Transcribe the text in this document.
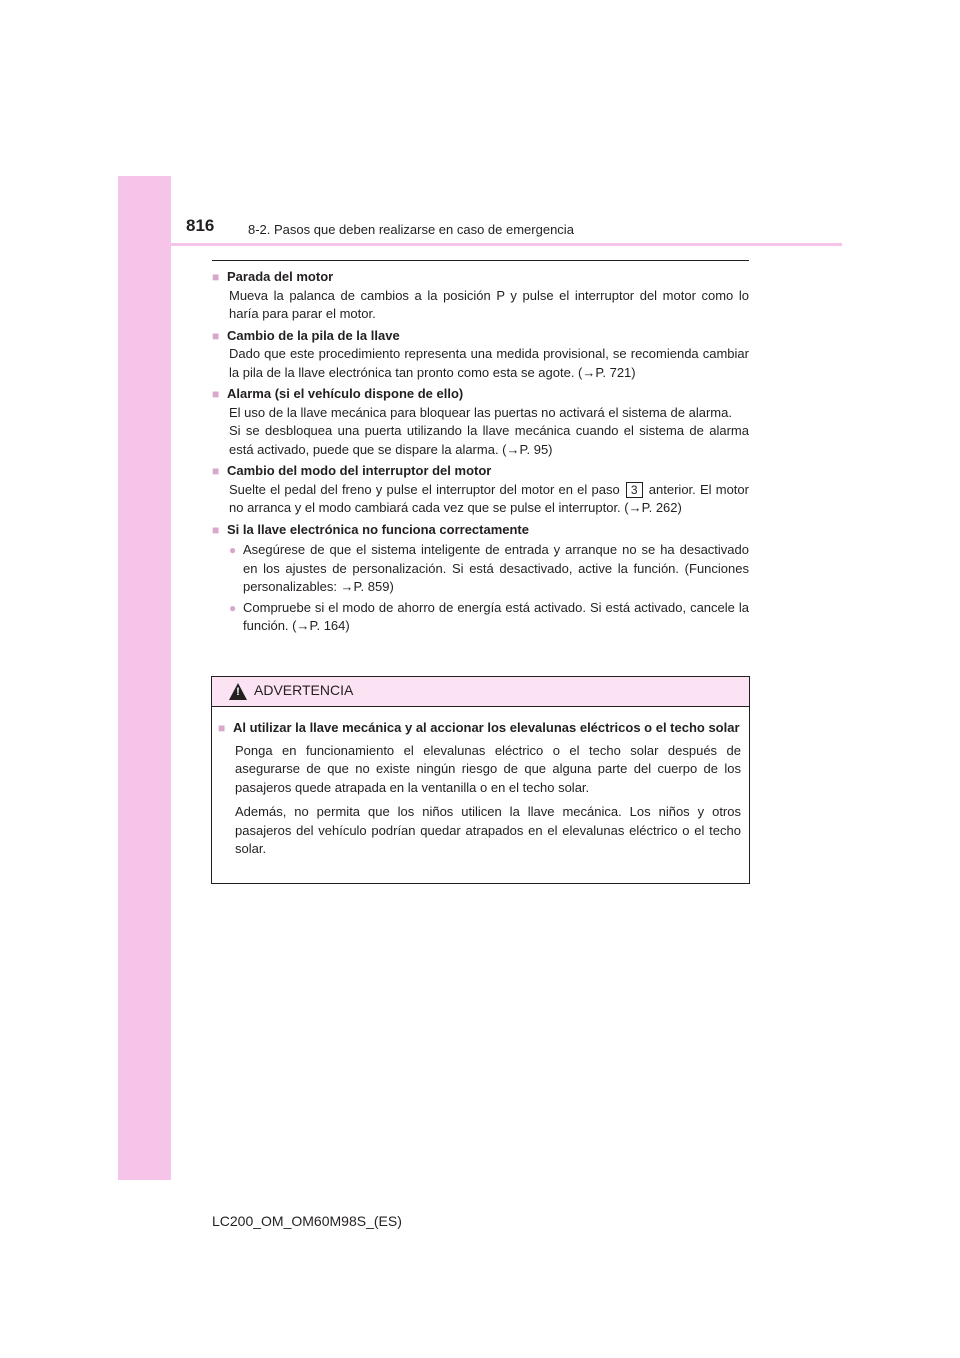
816	8-2. Pasos que deben realizarse en caso de emergencia
■ Parada del motor

Mueva la palanca de cambios a la posición P y pulse el interruptor del motor como lo haría para parar el motor.

■ Cambio de la pila de la llave

Dado que este procedimiento representa una medida provisional, se recomienda cambiar la pila de la llave electrónica tan pronto como esta se agote. (→P. 721)

■ Alarma (si el vehículo dispone de ello)

El uso de la llave mecánica para bloquear las puertas no activará el sistema de alarma.

Si se desbloquea una puerta utilizando la llave mecánica cuando el sistema de alarma está activado, puede que se dispare la alarma. (→P. 95)

■ Cambio del modo del interruptor del motor

Suelte el pedal del freno y pulse el interruptor del motor en el paso 3 anterior. El motor no arranca y el modo cambiará cada vez que se pulse el interruptor. (→P. 262)

■ Si la llave electrónica no funciona correctamente
● Asegúrese de que el sistema inteligente de entrada y arranque no se ha desactivado en los ajustes de personalización. Si está desactivado, active la función. (Funciones personalizables: →P. 859)
● Compruebe si el modo de ahorro de energía está activado. Si está activado, cancele la función. (→P. 164)
! ADVERTENCIA
■ Al utilizar la llave mecánica y al accionar los elevalunas eléctricos o el techo solar

Ponga en funcionamiento el elevalunas eléctrico o el techo solar después de asegurarse de que no existe ningún riesgo de que alguna parte del cuerpo de los pasajeros quede atrapada en la ventanilla o en el techo solar.

Además, no permita que los niños utilicen la llave mecánica. Los niños y otros pasajeros del vehículo podrían quedar atrapados en el elevalunas eléctrico o el techo solar.

LC200_OM_OM60M98S_(ES)
